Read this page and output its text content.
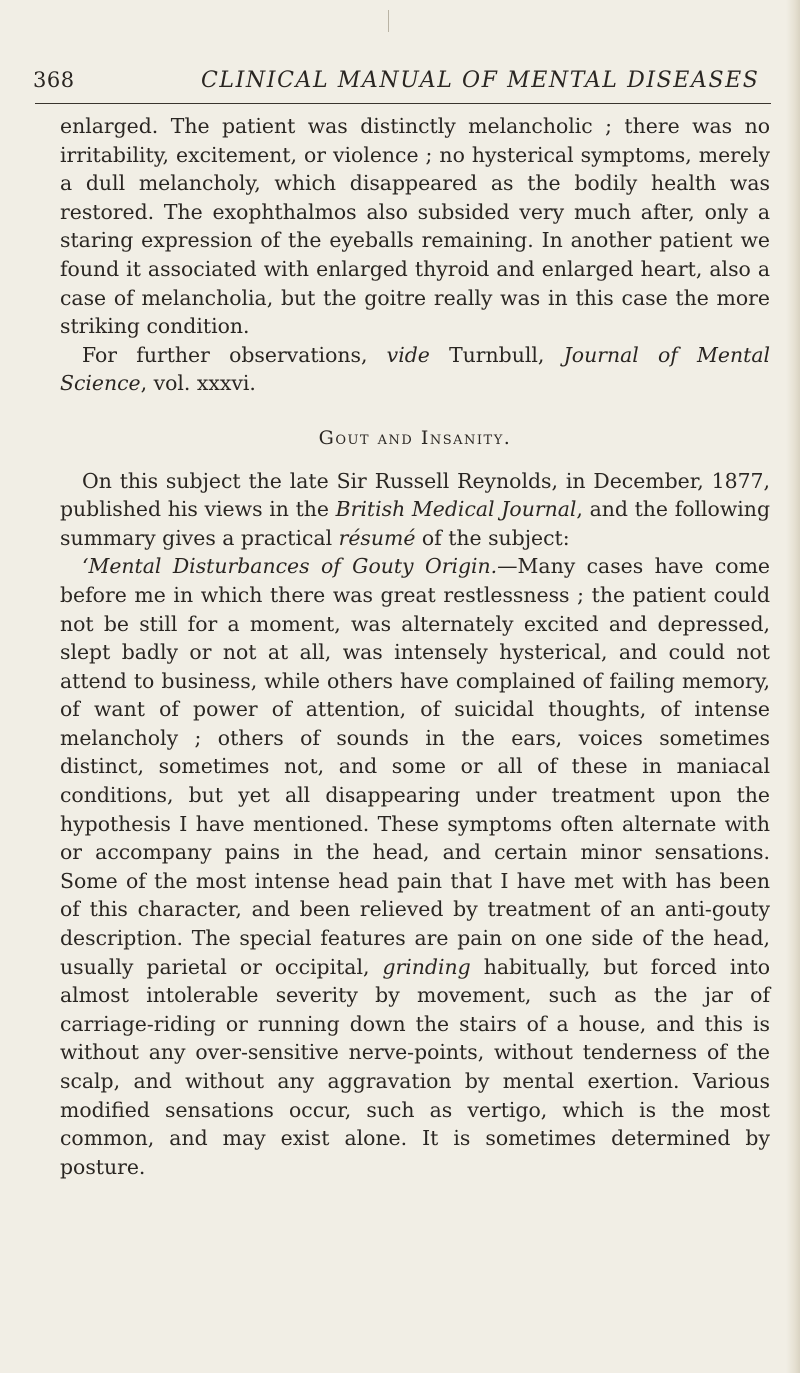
368	CLINICAL MANUAL OF MENTAL DISEASES

enlarged. The patient was distinctly melancholic ; there was no irritability, excitement, or violence ; no hysterical symptoms, merely a dull melancholy, which disappeared as the bodily health was restored. The exophthalmos also subsided very much after, only a staring expression of the eyeballs remaining. In another patient we found it associated with enlarged thyroid and enlarged heart, also a case of melancholia, but the goitre really was in this case the more striking condition.

For further observations, vide Turnbull, Journal of Mental Science, vol. xxxvi.

Gout and Insanity.

On this subject the late Sir Russell Reynolds, in December, 1877, published his views in the British Medical Journal, and the following summary gives a practical résumé of the subject:

‘Mental Disturbances of Gouty Origin.—Many cases have come before me in which there was great restlessness ; the patient could not be still for a moment, was alternately excited and depressed, slept badly or not at all, was intensely hysterical, and could not attend to business, while others have complained of failing memory, of want of power of attention, of suicidal thoughts, of intense melancholy ; others of sounds in the ears, voices sometimes distinct, sometimes not, and some or all of these in maniacal conditions, but yet all disappearing under treatment upon the hypothesis I have mentioned. These symptoms often alternate with or accompany pains in the head, and certain minor sensations. Some of the most intense head pain that I have met with has been of this character, and been relieved by treatment of an anti-gouty description. The special features are pain on one side of the head, usually parietal or occipital, grinding habitually, but forced into almost intolerable severity by movement, such as the jar of carriage-riding or running down the stairs of a house, and this is without any over-sensitive nerve-points, without tenderness of the scalp, and without any aggravation by mental exertion. Various modified sensations occur, such as vertigo, which is the most common, and may exist alone. It is sometimes determined by posture.
